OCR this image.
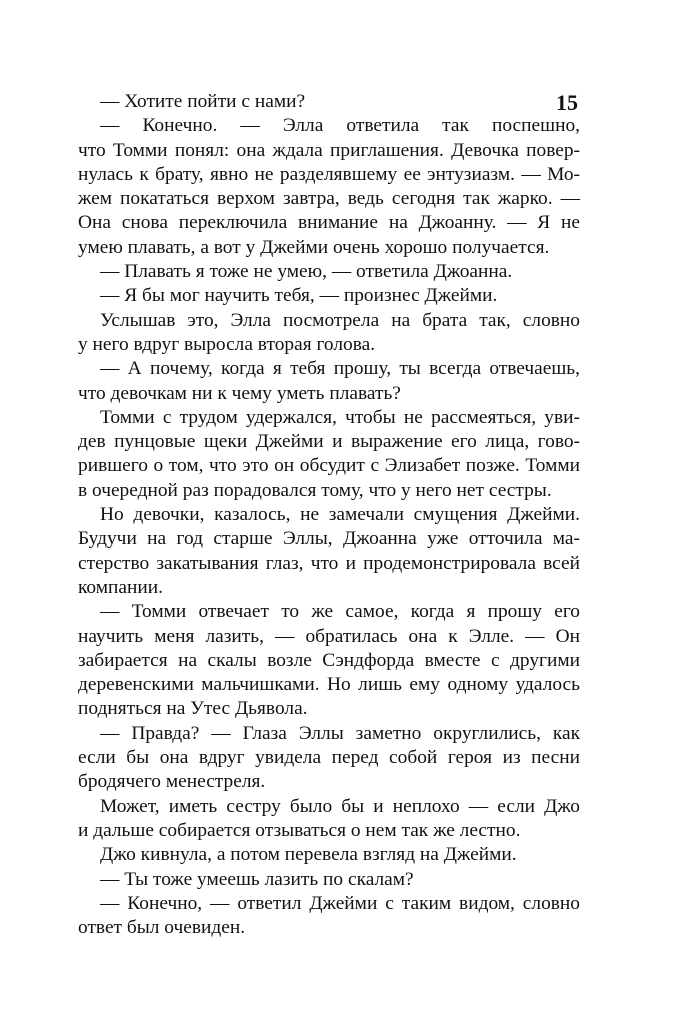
15
— Хотите пойти с нами?
— Конечно. — Элла ответила так поспешно,
что Томми понял: она ждала приглашения. Девочка повер-
нулась к брату, явно не разделявшему ее энтузиазм. — Мо-
жем покататься верхом завтра, ведь сегодня так жарко. —
Она снова переключила внимание на Джоанну. — Я не
умею плавать, а вот у Джейми очень хорошо получается.
— Плавать я тоже не умею, — ответила Джоанна.
— Я бы мог научить тебя, — произнес Джейми.
Услышав это, Элла посмотрела на брата так, словно
у него вдруг выросла вторая голова.
— А почему, когда я тебя прошу, ты всегда отвечаешь,
что девочкам ни к чему уметь плавать?
Томми с трудом удержался, чтобы не рассмеяться, уви-
дев пунцовые щеки Джейми и выражение его лица, гово-
рившего о том, что это он обсудит с Элизабет позже. Томми
в очередной раз порадовался тому, что у него нет сестры.
Но девочки, казалось, не замечали смущения Джейми.
Будучи на год старше Эллы, Джоанна уже отточила ма-
стерство закатывания глаз, что и продемонстрировала всей
компании.
— Томми отвечает то же самое, когда я прошу его
научить меня лазить, — обратилась она к Элле. — Он
забирается на скалы возле Сэндфорда вместе с другими
деревенскими мальчишками. Но лишь ему одному удалось
подняться на Утес Дьявола.
— Правда? — Глаза Эллы заметно округлились, как
если бы она вдруг увидела перед собой героя из песни
бродячего менестреля.
Может, иметь сестру было бы и неплохо — если Джо
и дальше собирается отзываться о нем так же лестно.
Джо кивнула, а потом перевела взгляд на Джейми.
— Ты тоже умеешь лазить по скалам?
— Конечно, — ответил Джейми с таким видом, словно
ответ был очевиден.
